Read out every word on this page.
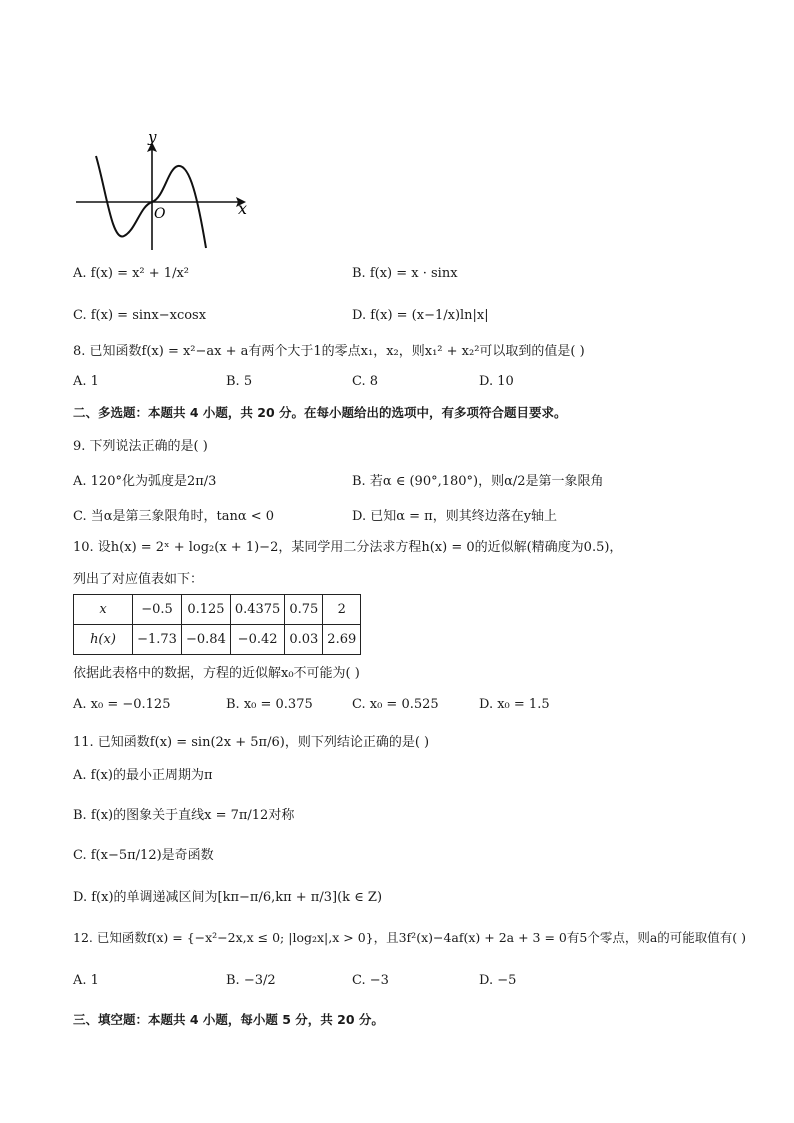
y
x
O
A. f(x) = x² + 1/x²	B. f(x) = x · sinx
C. f(x) = sinx−xcosx	D. f(x) = (x−1/x)ln|x|
8. 已知函数f(x) = x²−ax + a有两个大于1的零点x₁，x₂，则x₁² + x₂²可以取到的值是( )
A. 1	B. 5	C. 8	D. 10
二、多选题：本题共 4 小题，共 20 分。在每小题给出的选项中，有多项符合题目要求。
9. 下列说法正确的是( )
A. 120°化为弧度是2π/3	B. 若α ∈ (90°,180°)，则α/2是第一象限角
C. 当α是第三象限角时，tanα < 0	D. 已知α = π，则其终边落在y轴上
10. 设h(x) = 2ˣ + log₂(x + 1)−2，某同学用二分法求方程h(x) = 0的近似解(精确度为0.5)，
列出了对应值表如下：
x	−0.5	0.125	0.4375	0.75	2
h(x)	−1.73	−0.84	−0.42	0.03	2.69
依据此表格中的数据，方程的近似解x₀不可能为( )
A. x₀ = −0.125	B. x₀ = 0.375	C. x₀ = 0.525	D. x₀ = 1.5
11. 已知函数f(x) = sin(2x + 5π/6)，则下列结论正确的是( )
A. f(x)的最小正周期为π
B. f(x)的图象关于直线x = 7π/12对称
C. f(x−5π/12)是奇函数
D. f(x)的单调递减区间为[kπ−π/6,kπ + π/3](k ∈ Z)
12. 已知函数f(x) = {−x²−2x,x ≤ 0; |log₂x|,x > 0}，且3f²(x)−4af(x) + 2a + 3 = 0有5个零点，则a的可能取值有( )
A. 1	B. −3/2	C. −3	D. −5
三、填空题：本题共 4 小题，每小题 5 分，共 20 分。
